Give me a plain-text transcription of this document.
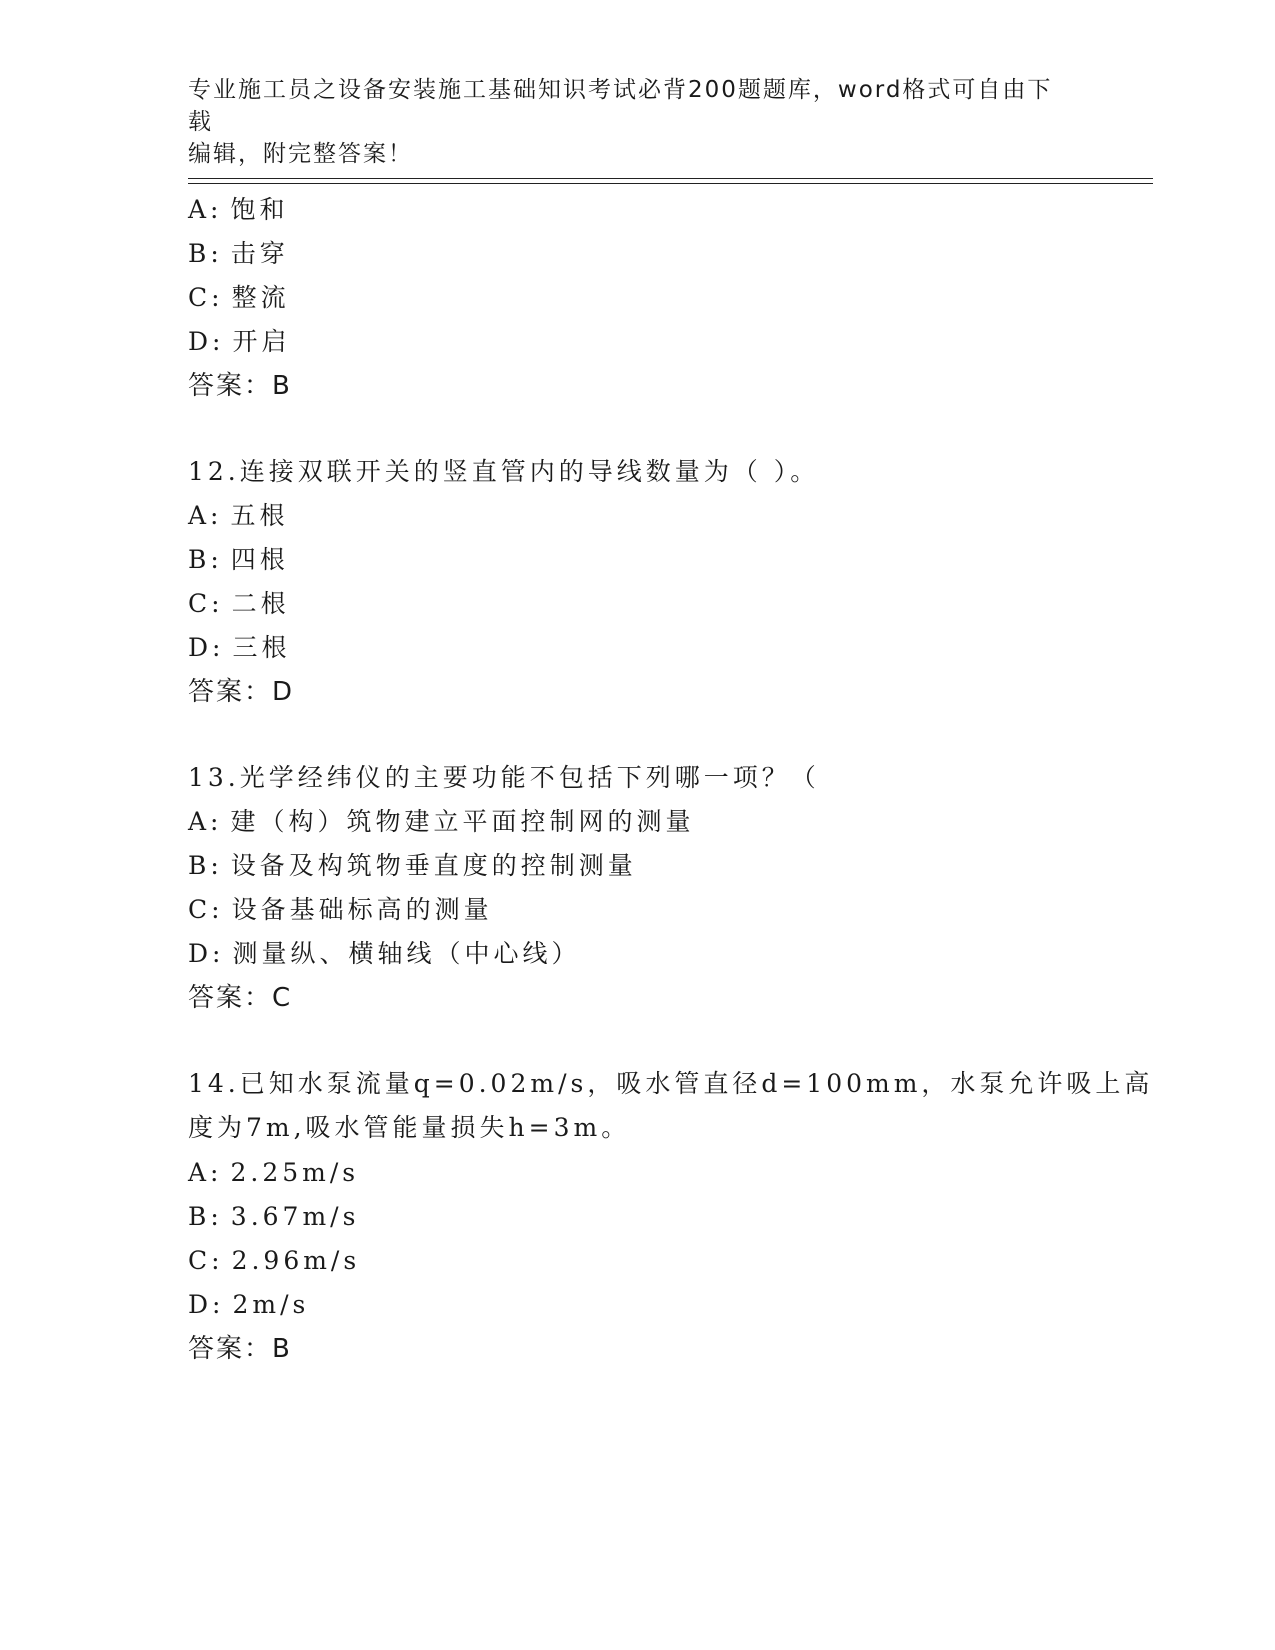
专业施工员之设备安装施工基础知识考试必背200题题库，word格式可自由下载
编辑，附完整答案！
A: 饱和
B: 击穿
C: 整流
D: 开启
答案：B
12.连接双联开关的竖直管内的导线数量为（ ）。
A: 五根
B: 四根
C: 二根
D: 三根
答案：D
13.光学经纬仪的主要功能不包括下列哪一项？（
A: 建（构）筑物建立平面控制网的测量
B: 设备及构筑物垂直度的控制测量
C: 设备基础标高的测量
D: 测量纵、横轴线（中心线）
答案：C
14.已知水泵流量q=0.02m/s，吸水管直径d=100mm，水泵允许吸上高
度为7m,吸水管能量损失h=3m。
A: 2.25m/s
B: 3.67m/s
C: 2.96m/s
D: 2m/s
答案：B
